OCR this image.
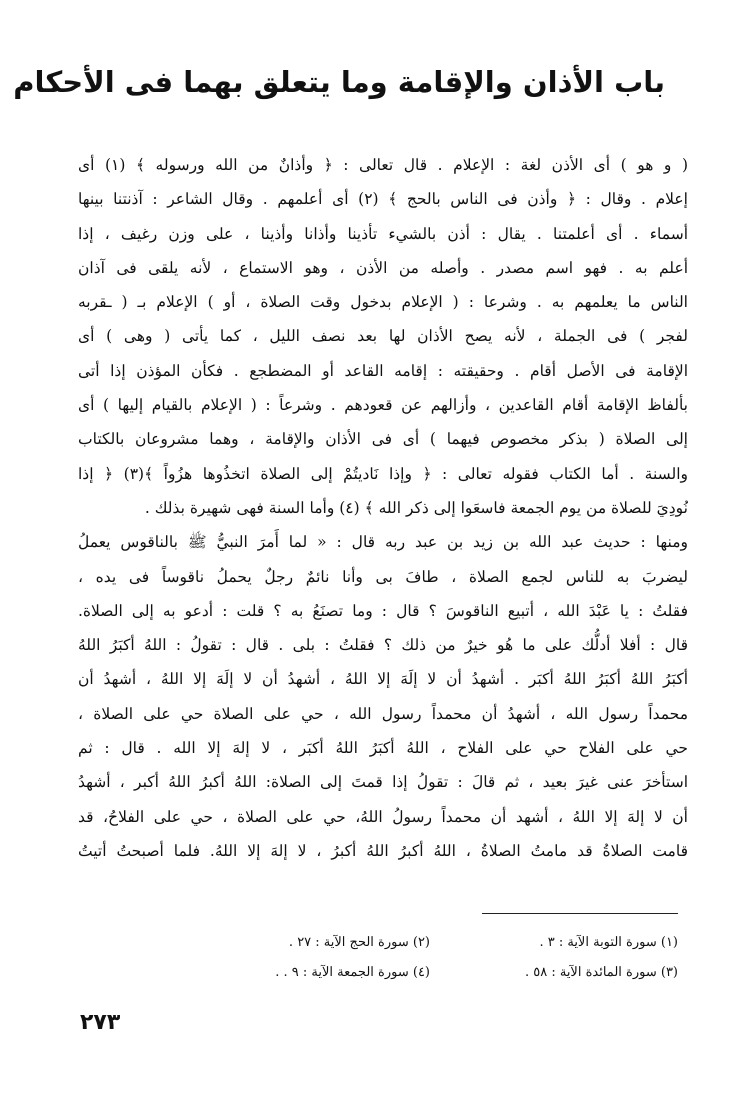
باب الأذان والإقامة وما يتعلق بهما فى الأحكام
( و هو ) أى الأذن لغة : الإعلام . قال تعالى : ﴿ وأذانٌ من الله ورسوله ﴾ (١) أى
إعلام . وقال : ﴿ وأذن فى الناس بالحج ﴾ (٢) أى أعلمهم . وقال الشاعر : آذنتنا بينها
أسماء . أى أعلمتنا . يقال : أذن بالشيء تأذينا وأذانا وأذينا ، على وزن رغيف ، إذا
أعلم به . فهو اسم مصدر . وأصله من الأذن ، وهو الاستماع ، لأنه يلقى فى آذان
الناس ما يعلمهم به . وشرعا : ( الإعلام بدخول وقت الصلاة ، أو ) الإعلام بـ ( ـقربه
لفجر ) فى الجملة ، لأنه يصح الأذان لها بعد نصف الليل ، كما يأتى ( وهى ) أى
الإقامة فى الأصل أقام . وحقيقته : إقامه القاعد أو المضطجع . فكأن المؤذن إذا أتى
بألفاظ الإقامة أقام القاعدين ، وأزالهم عن قعودهم . وشرعاً : ( الإعلام بالقيام إليها ) أى
إلى الصلاة ( بذكر مخصوص فيهما ) أى فى الأذان والإقامة ، وهما مشروعان بالكتاب
والسنة . أما الكتاب فقوله تعالى : ﴿ وإذا نَاديتُمْ إلى الصلاة اتخذُوها هزُواً ﴾(٣) ﴿ إذا
نُودِيَ للصلاة من يوم الجمعة فاسعَوا إلى ذكر الله ﴾ (٤) وأما السنة فهى شهيرة بذلك .
ومنها : حديث عبد الله بن زيد بن عبد ربه قال : « لما أَمرَ النبيُّ ﷺ بالناقوس يعملُ
ليضربَ به للناس لجمع الصلاة ، طافَ بى وأنا نائمٌ رجلٌ يحملُ ناقوساً فى يده ،
فقلتُ : يا عَبْدَ الله ، أتبيع الناقوسَ ؟ قال : وما تصنَعُ به ؟ قلت : أدعو به إلى الصلاة.
قال : أفلا أدلُّك على ما هُو خيرٌ من ذلك ؟ فقلتُ : بلى . قال : تقولُ : اللهُ أكبَرُ اللهُ
أكبَرُ اللهُ أكبَرُ اللهُ أكبَر . أشهدُ أن لا إلَهَ إلا اللهُ ، أشهدُ أن لا إلَهَ إلا اللهُ ، أشهدُ أن
محمداً رسول الله ، أشهدُ أن محمداً رسول الله ، حي على الصلاة حي على الصلاة ،
حي على الفلاح حي على الفلاح ، اللهُ أكبَرُ اللهُ أكبَر ، لا إلهَ إلا الله . قال : ثم
استأخرَ عنى غيرَ بعيد ، ثم قالَ : تقولُ إذا قمتَ إلى الصلاة: اللهُ أكبرُ اللهُ أكبر ، أشهدُ
أن لا إلهَ إلا اللهُ ، أشهد أن محمداً رسولُ اللهُ، حي على الصلاة ، حي على الفلاحُ، قد
قامت الصلاةُ قد مامتُ الصلاةُ ، اللهُ أكبرُ اللهُ أكبرُ ، لا إلهَ إلا اللهُ. فلما أصبحتُ أتيتُ
(١) سورة التوبة الآية : ٣ .
(٢) سورة الحج الآية : ٢٧ .
(٣) سورة المائدة الآية : ٥٨ .
(٤) سورة الجمعة الآية : ٩ . .
٢٧٣
